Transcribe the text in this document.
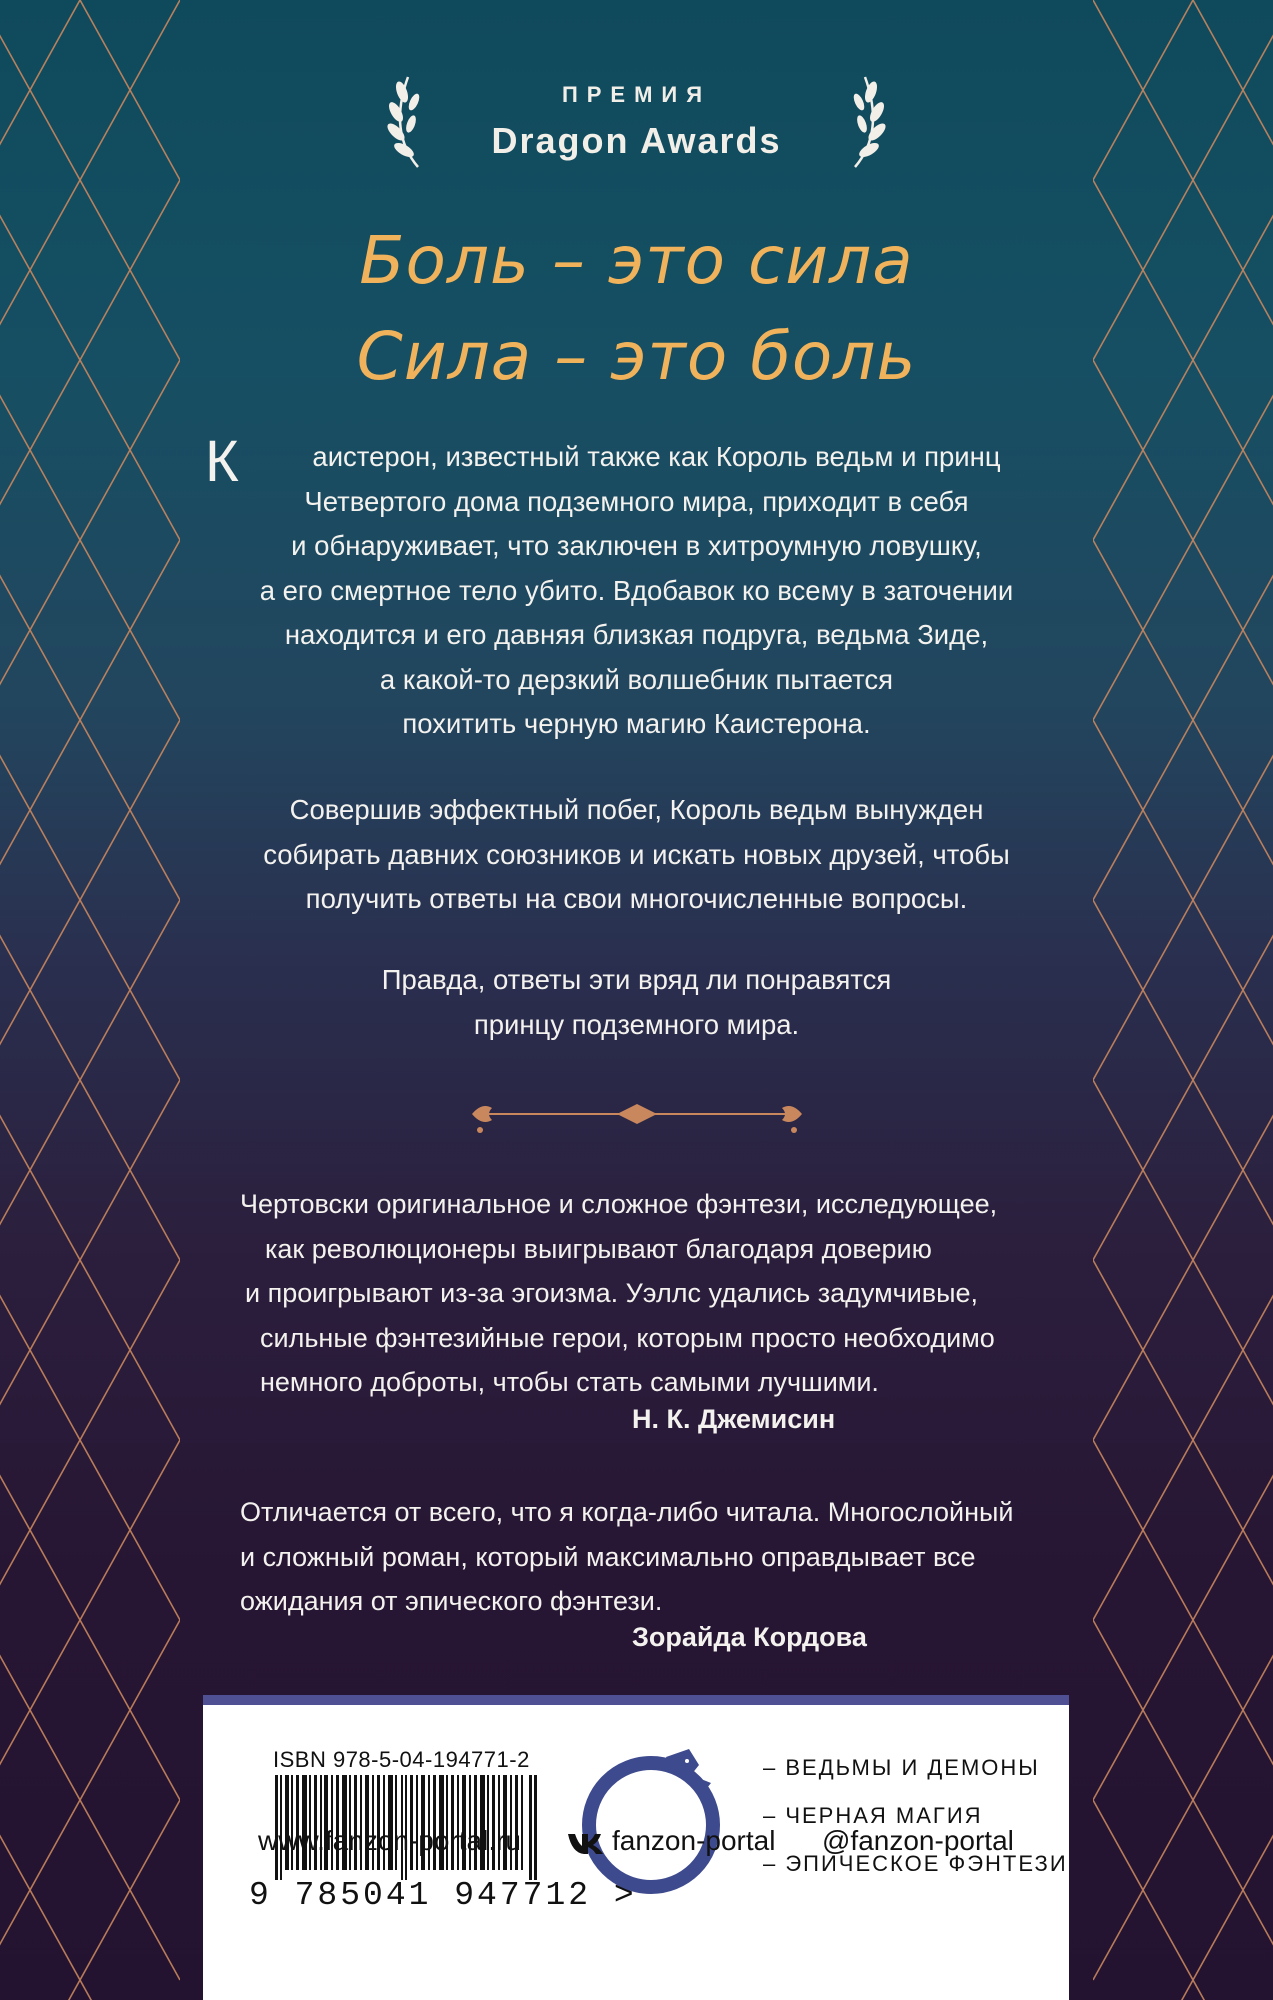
ПРЕМИЯ
Dragon Awards
Боль – это сила
Сила – это боль
К	аистерон, известный также как Король ведьм и принц
Четвертого дома подземного мира, приходит в себя
и обнаруживает, что заключен в хитроумную ловушку,
а его смертное тело убито. Вдобавок ко всему в заточении
находится и его давняя близкая подруга, ведьма Зиде,
а какой-то дерзкий волшебник пытается
похитить черную магию Каистерона.
Совершив эффектный побег, Король ведьм вынужден
собирать давних союзников и искать новых друзей, чтобы
получить ответы на свои многочисленные вопросы.
Правда, ответы эти вряд ли понравятся
принцу подземного мира.
Чертовски оригинальное и сложное фэнтези, исследующее,
как революционеры выигрывают благодаря доверию
и проигрывают из-за эгоизма. Уэллс удались задумчивые,
сильные фэнтезийные герои, которым просто необходимо
немного доброты, чтобы стать самыми лучшими.
Н. К. Джемисин
Отличается от всего, что я когда-либо читала. Многослойный
и сложный роман, который максимально оправдывает все
ожидания от эпического фэнтези.
Зорайда Кордова
ISBN 978-5-04-194771-2
9 785041 947712 >
– ВЕДЬМЫ И ДЕМОНЫ
– ЧЕРНАЯ МАГИЯ
– ЭПИЧЕСКОЕ ФЭНТЕЗИ
www.fanzon-portal.ru	fanzon-portal @fanzon-portal
